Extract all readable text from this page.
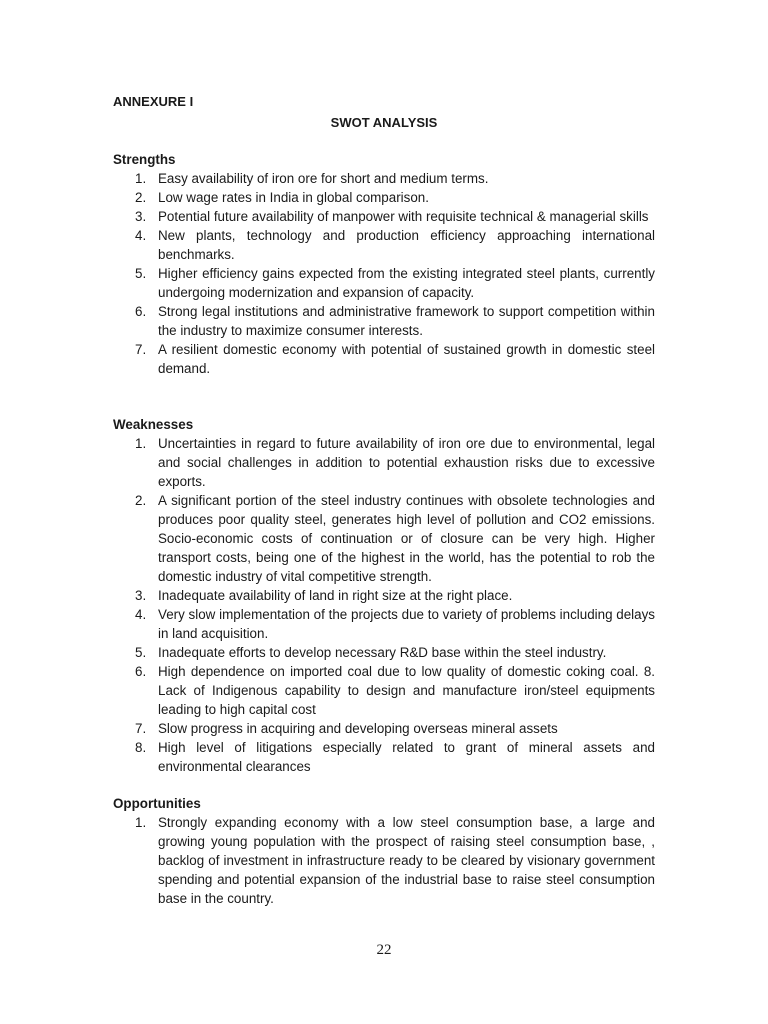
ANNEXURE I
SWOT ANALYSIS
Strengths
1. Easy availability of iron ore for short and medium terms.
2. Low wage rates in India in global comparison.
3. Potential future availability of manpower with requisite technical & managerial skills
4. New plants, technology and production efficiency approaching international benchmarks.
5. Higher efficiency gains expected from the existing integrated steel plants, currently undergoing modernization and expansion of capacity.
6. Strong legal institutions and administrative framework to support competition within the industry to maximize consumer interests.
7. A resilient domestic economy with potential of sustained growth in domestic steel demand.
Weaknesses
1. Uncertainties in regard to future availability of iron ore due to environmental, legal and social challenges in addition to potential exhaustion risks due to excessive exports.
2. A significant portion of the steel industry continues with obsolete technologies and produces poor quality steel, generates high level of pollution and CO2 emissions. Socio-economic costs of continuation or of closure can be very high. Higher transport costs, being one of the highest in the world, has the potential to rob the domestic industry of vital competitive strength.
3. Inadequate availability of land in right size at the right place.
4. Very slow implementation of the projects due to variety of problems including delays in land acquisition.
5. Inadequate efforts to develop necessary R&D base within the steel industry.
6. High dependence on imported coal due to low quality of domestic coking coal. 8. Lack of Indigenous capability to design and manufacture iron/steel equipments leading to high capital cost
7. Slow progress in acquiring and developing overseas mineral assets
8. High level of litigations especially related to grant of mineral assets and environmental clearances
Opportunities
1. Strongly expanding economy with a low steel consumption base, a large and growing young population with the prospect of raising steel consumption base, , backlog of investment in infrastructure ready to be cleared by visionary government spending and potential expansion of the industrial base to raise steel consumption base in the country.
22
